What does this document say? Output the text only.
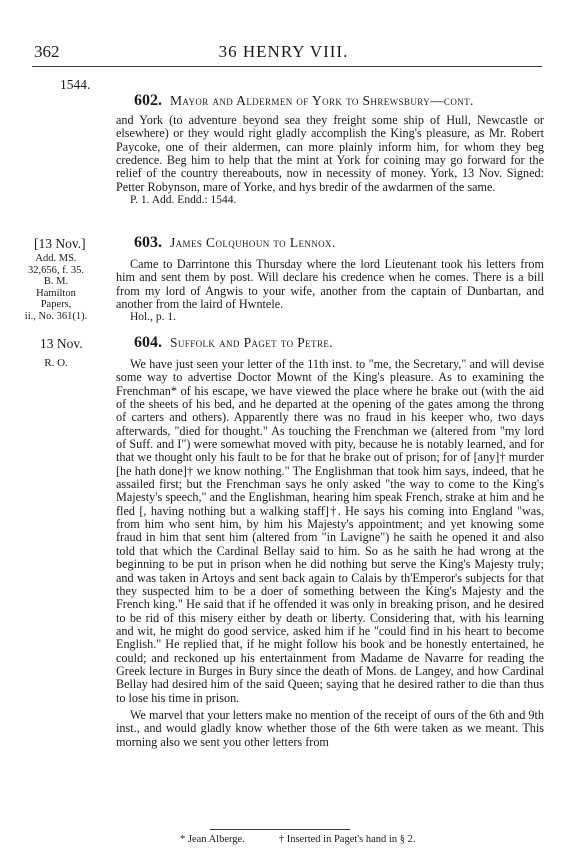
362	36 HENRY VIII.
1544.
602. Mayor and Aldermen of York to Shrewsbury—cont.

and York (to adventure beyond sea they freight some ship of Hull, Newcastle or elsewhere) or they would right gladly accomplish the King's pleasure, as Mr. Robert Paycoke, one of their aldermen, can more plainly inform him, for whom they beg credence. Beg him to help that the mint at York for coining may go forward for the relief of the country thereabouts, now in necessity of money. York, 13 Nov. Signed: Petter Robynson, mare of Yorke, and hys bredir of the awdarmen of the same.

P. 1. Add. Endd.: 1544.

[13 Nov.]
Add. MS.
32,656, f. 35.
B. M.
Hamilton
Papers,
ii., No. 361(1).
603. James Colquhoun to Lennox.

Came to Darrintone this Thursday where the lord Lieutenant took his letters from him and sent them by post. Will declare his credence when he comes. There is a bill from my lord of Angwis to your wife, another from the captain of Dunbartan, and another from the laird of Hwntele.

Hol., p. 1.

13 Nov.
R. O.
604. Suffolk and Paget to Petre.

We have just seen your letter of the 11th inst. to "me, the Secretary," and will devise some way to advertise Doctor Mownt of the King's pleasure. As to examining the Frenchman* of his escape, we have viewed the place where he brake out (with the aid of the sheets of his bed, and he departed at the opening of the gates among the throng of carters and others). Apparently there was no fraud in his keeper who, two days afterwards, "died for thought." As touching the Frenchman we (altered from "my lord of Suff. and I") were somewhat moved with pity, because he is notably learned, and for that we thought only his fault to be for that he brake out of prison; for of [any]† murder [he hath done]† we know nothing." The Englishman that took him says, indeed, that he assailed first; but the Frenchman says he only asked "the way to come to the King's Majesty's speech," and the Englishman, hearing him speak French, strake at him and he fled [, having nothing but a walking staff]†. He says his coming into England "was, from him who sent him, by him his Majesty's appointment; and yet knowing some fraud in him that sent him (altered from "in Lavigne") he saith he opened it and also told that which the Cardinal Bellay said to him. So as he saith he had wrong at the beginning to be put in prison when he did nothing but serve the King's Majesty truly; and was taken in Artoys and sent back again to Calais by th'Emperor's subjects for that they suspected him to be a doer of something between the King's Majesty and the French king." He said that if he offended it was only in breaking prison, and he desired to be rid of this misery either by death or liberty. Considering that, with his learning and wit, he might do good service, asked him if he "could find in his heart to become English." He replied that, if he might follow his book and be honestly entertained, he could; and reckoned up his entertainment from Madame de Navarre for reading the Greek lecture in Burges in Bury since the death of Mons. de Langey, and how Cardinal Bellay had desired him of the said Queen; saying that he desired rather to die than thus to lose his time in prison.

We marvel that your letters make no mention of the receipt of ours of the 6th and 9th inst., and would gladly know whether those of the 6th were taken as we meant. This morning also we sent you other letters from

* Jean Alberge.	† Inserted in Paget's hand in § 2.
